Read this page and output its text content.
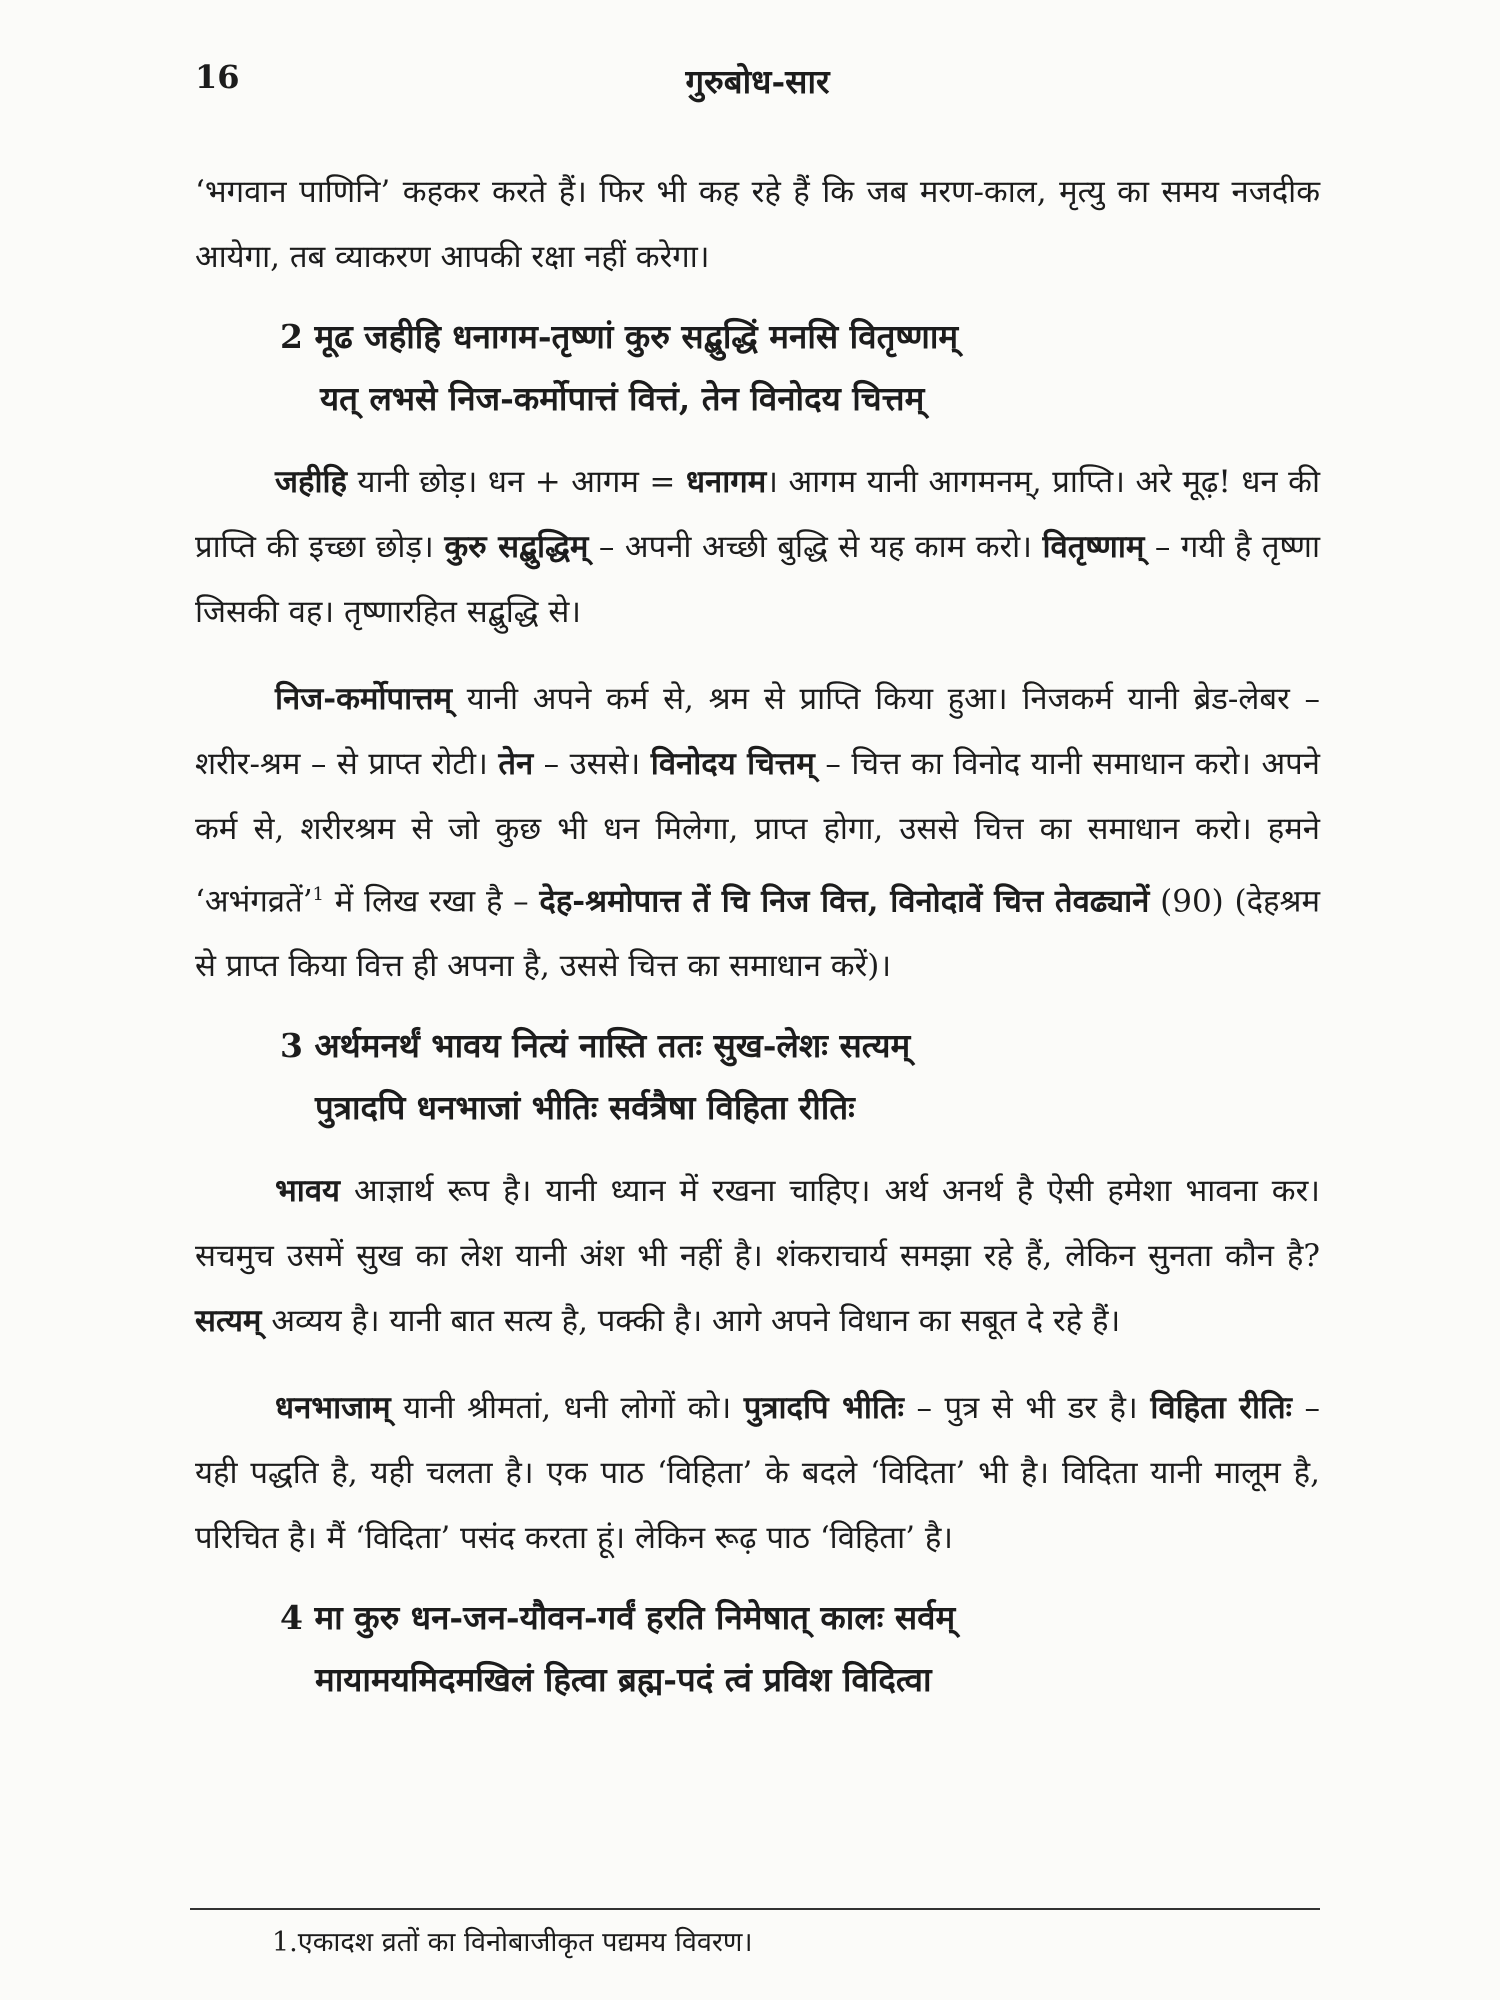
16	गुरुबोध-सार

‘भगवान पाणिनि’ कहकर करते हैं। फिर भी कह रहे हैं कि जब मरण-काल, मृत्यु का समय नजदीक आयेगा, तब व्याकरण आपकी रक्षा नहीं करेगा।

2 मूढ जहीहि धनागम-तृष्णां कुरु सद्बुद्धिं मनसि वितृष्णाम्
यत् लभसे निज-कर्मोपात्तं वित्तं, तेन विनोदय चित्तम्

जहीहि यानी छोड़। धन + आगम = धनागम। आगम यानी आगमनम्, प्राप्ति। अरे मूढ़! धन की प्राप्ति की इच्छा छोड़। कुरु सद्बुद्धिम् – अपनी अच्छी बुद्धि से यह काम करो। वितृष्णाम् – गयी है तृष्णा जिसकी वह। तृष्णारहित सद्बुद्धि से।

निज-कर्मोपात्तम् यानी अपने कर्म से, श्रम से प्राप्ति किया हुआ। निजकर्म यानी ब्रेड-लेबर – शरीर-श्रम – से प्राप्त रोटी। तेन – उससे। विनोदय चित्तम् – चित्त का विनोद यानी समाधान करो। अपने कर्म से, शरीरश्रम से जो कुछ भी धन मिलेगा, प्राप्त होगा, उससे चित्त का समाधान करो। हमने ‘अभंगव्रतें’$^1$ में लिख रखा है – देह-श्रमोपात्त तें चि निज वित्त, विनोदावें चित्त तेवढ्यानें (90) (देहश्रम से प्राप्त किया वित्त ही अपना है, उससे चित्त का समाधान करें)।

3 अर्थमनर्थं भावय नित्यं नास्ति ततः सुख-लेशः सत्यम्
पुत्रादपि धनभाजां भीतिः सर्वत्रैषा विहिता रीतिः

भावय आज्ञार्थ रूप है। यानी ध्यान में रखना चाहिए। अर्थ अनर्थ है ऐसी हमेशा भावना कर। सचमुच उसमें सुख का लेश यानी अंश भी नहीं है। शंकराचार्य समझा रहे हैं, लेकिन सुनता कौन है? सत्यम् अव्यय है। यानी बात सत्य है, पक्की है। आगे अपने विधान का सबूत दे रहे हैं।

धनभाजाम् यानी श्रीमतां, धनी लोगों को। पुत्रादपि भीतिः – पुत्र से भी डर है। विहिता रीतिः – यही पद्धति है, यही चलता है। एक पाठ ‘विहिता’ के बदले ‘विदिता’ भी है। विदिता यानी मालूम है, परिचित है। मैं ‘विदिता’ पसंद करता हूं। लेकिन रूढ़ पाठ ‘विहिता’ है।

4 मा कुरु धन-जन-यौवन-गर्वं हरति निमेषात् कालः सर्वम्
मायामयमिदमखिलं हित्वा ब्रह्म-पदं त्वं प्रविश विदित्वा
1.एकादश व्रतों का विनोबाजीकृत पद्यमय विवरण।
